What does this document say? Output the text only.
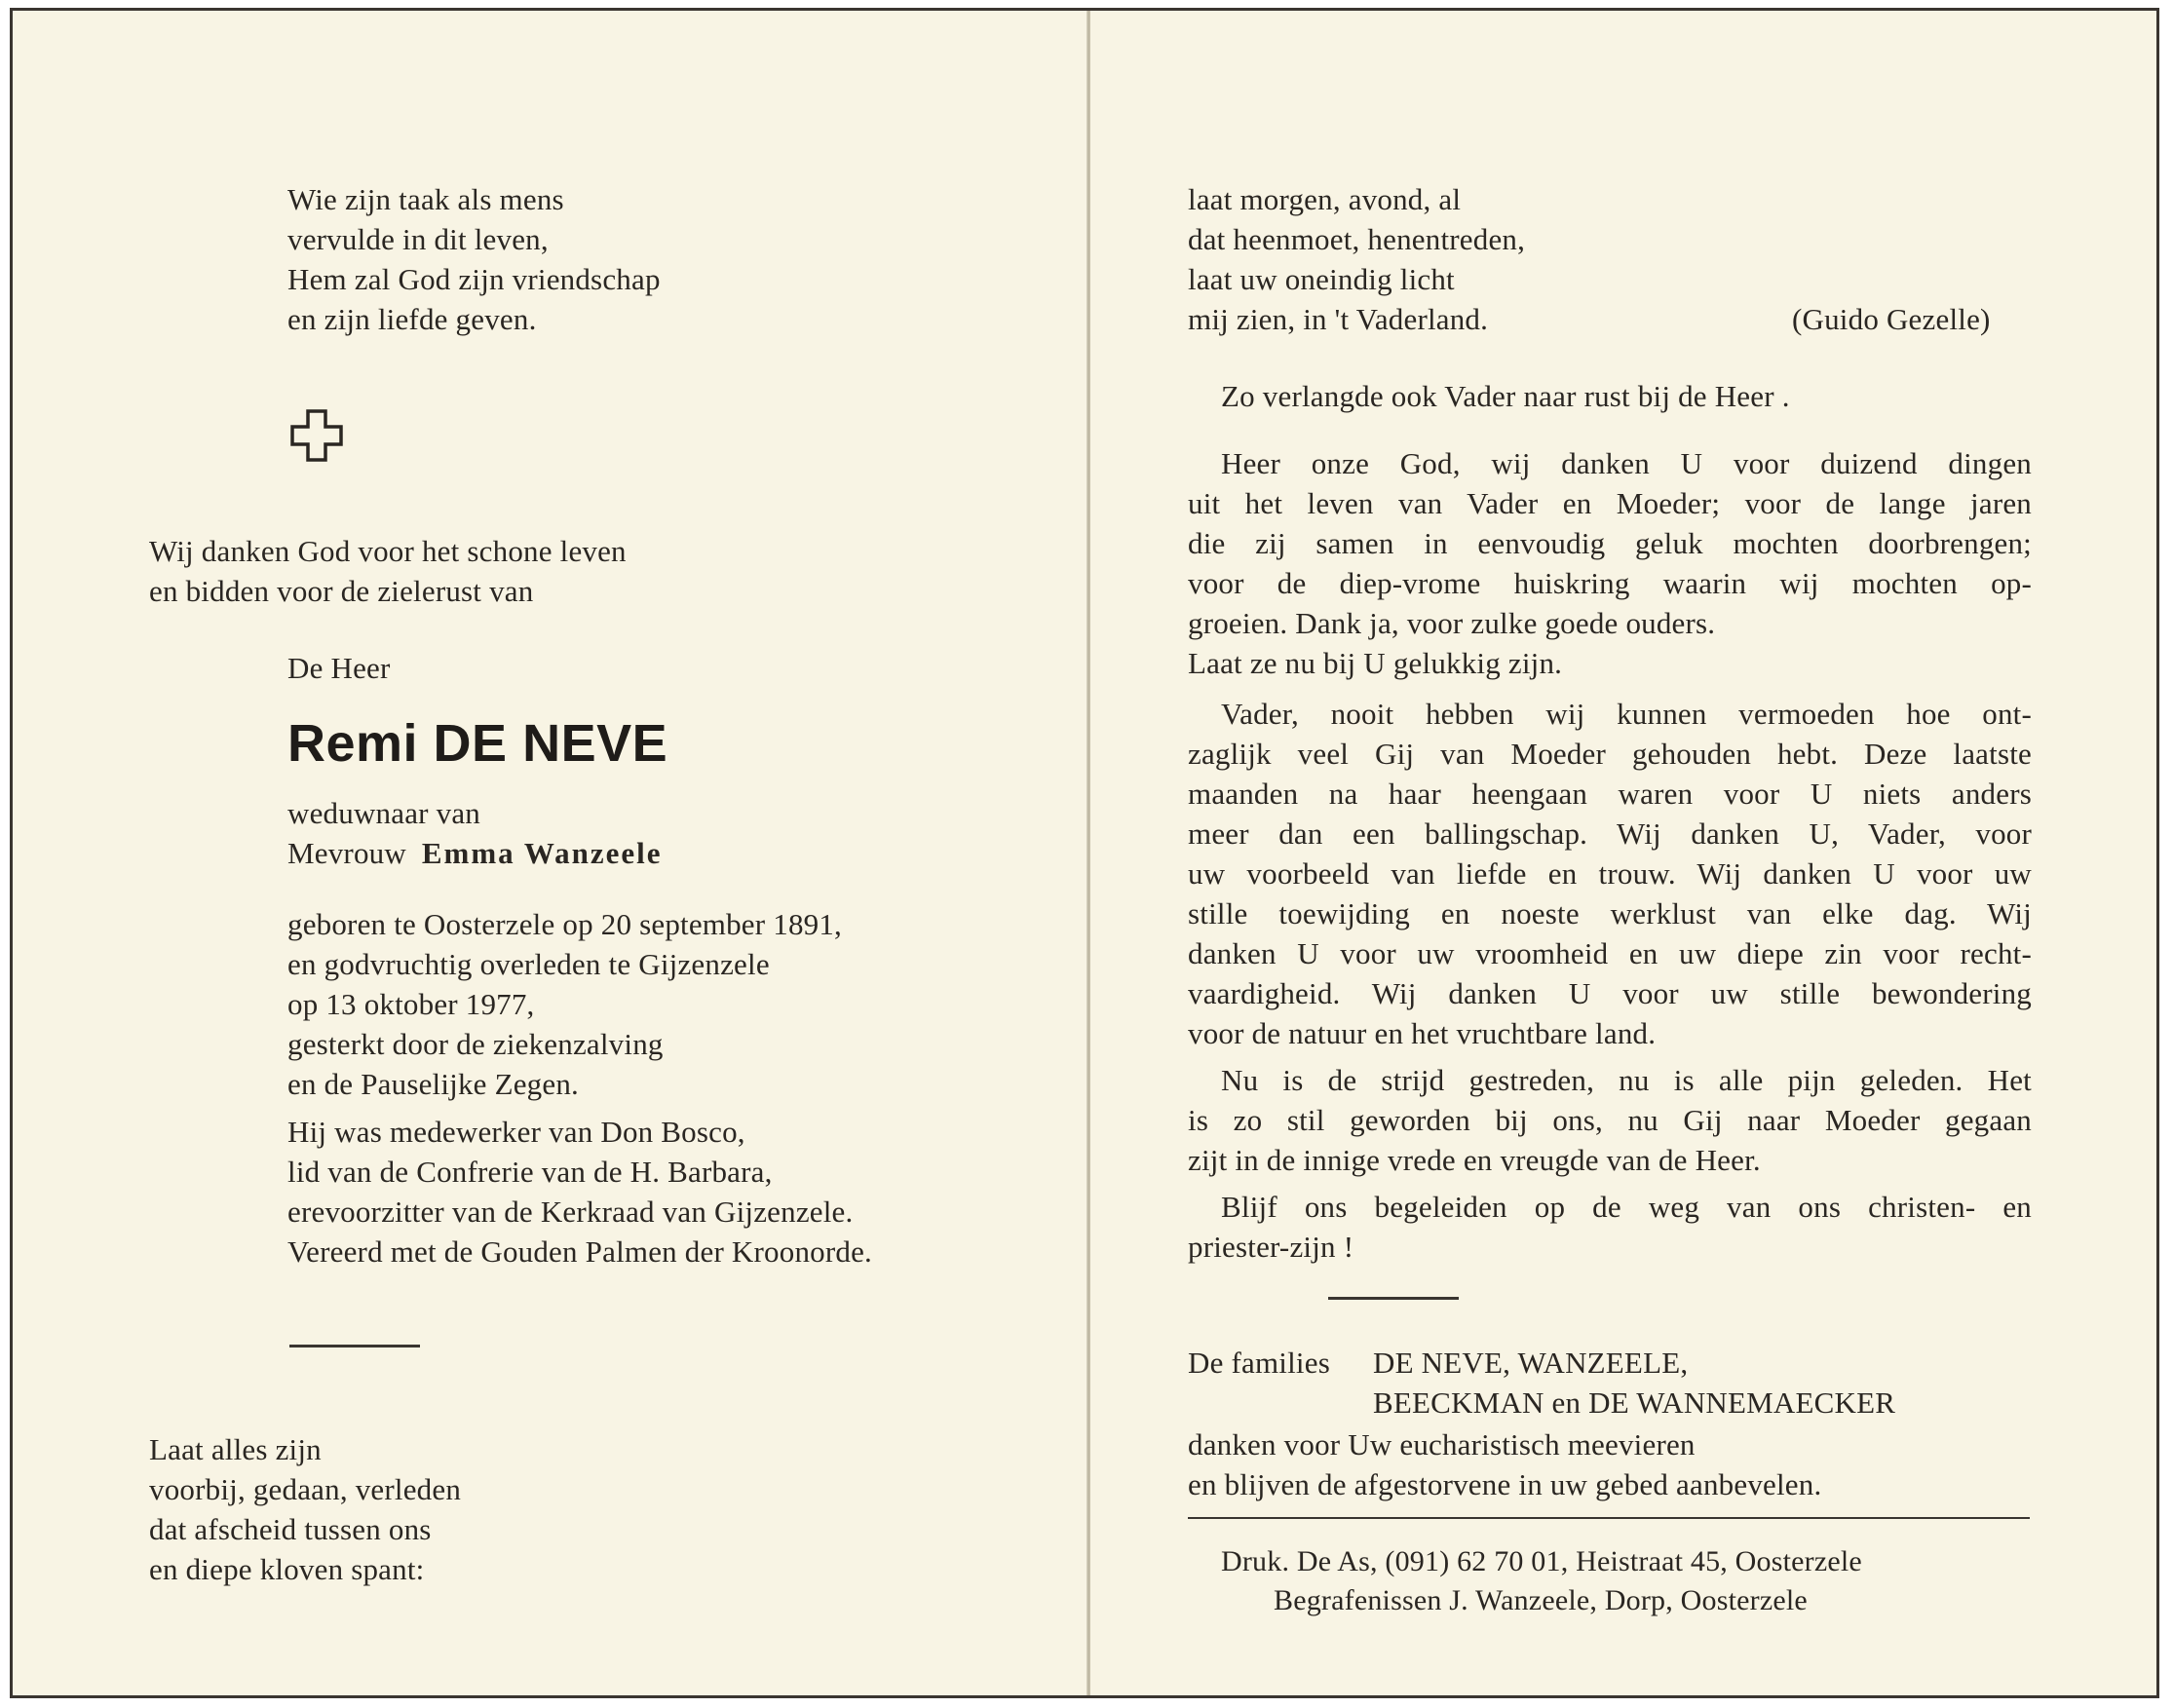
Wie zijn taak als mens
vervulde in dit leven,
Hem zal God zijn vriendschap
en zijn liefde geven.
Wij danken God voor het schone leven
en bidden voor de zielerust van
De Heer
Remi DE NEVE
weduwnaar van
Mevrouw Emma Wanzeele
geboren te Oosterzele op 20 september 1891,
en godvruchtig overleden te Gijzenzele
op 13 oktober 1977,
gesterkt door de ziekenzalving
en de Pauselijke Zegen.
Hij was medewerker van Don Bosco,
lid van de Confrerie van de H. Barbara,
erevoorzitter van de Kerkraad van Gijzenzele.
Vereerd met de Gouden Palmen der Kroonorde.
Laat alles zijn
voorbij, gedaan, verleden
dat afscheid tussen ons
en diepe kloven spant:
laat morgen, avond, al
dat heenmoet, henentreden,
laat uw oneindig licht
mij zien, in 't Vaderland.	(Guido Gezelle)
Zo verlangde ook Vader naar rust bij de Heer .
Heer onze God, wij danken U voor duizend dingen
uit het leven van Vader en Moeder; voor de lange jaren
die zij samen in eenvoudig geluk mochten doorbrengen;
voor de diep-vrome huiskring waarin wij mochten op-
groeien. Dank ja, voor zulke goede ouders.
Laat ze nu bij U gelukkig zijn.
Vader, nooit hebben wij kunnen vermoeden hoe ont-
zaglijk veel Gij van Moeder gehouden hebt. Deze laatste
maanden na haar heengaan waren voor U niets anders
meer dan een ballingschap. Wij danken U, Vader, voor
uw voorbeeld van liefde en trouw. Wij danken U voor uw
stille toewijding en noeste werklust van elke dag. Wij
danken U voor uw vroomheid en uw diepe zin voor recht-
vaardigheid. Wij danken U voor uw stille bewondering
voor de natuur en het vruchtbare land.
Nu is de strijd gestreden, nu is alle pijn geleden. Het
is zo stil geworden bij ons, nu Gij naar Moeder gegaan
zijt in de innige vrede en vreugde van de Heer.
Blijf ons begeleiden op de weg van ons christen- en
priester-zijn !
De families DE NEVE, WANZEELE,
BEECKMAN en DE WANNEMAECKER
danken voor Uw eucharistisch meevieren
en blijven de afgestorvene in uw gebed aanbevelen.
Druk. De As, (091) 62 70 01, Heistraat 45, Oosterzele
Begrafenissen J. Wanzeele, Dorp, Oosterzele
